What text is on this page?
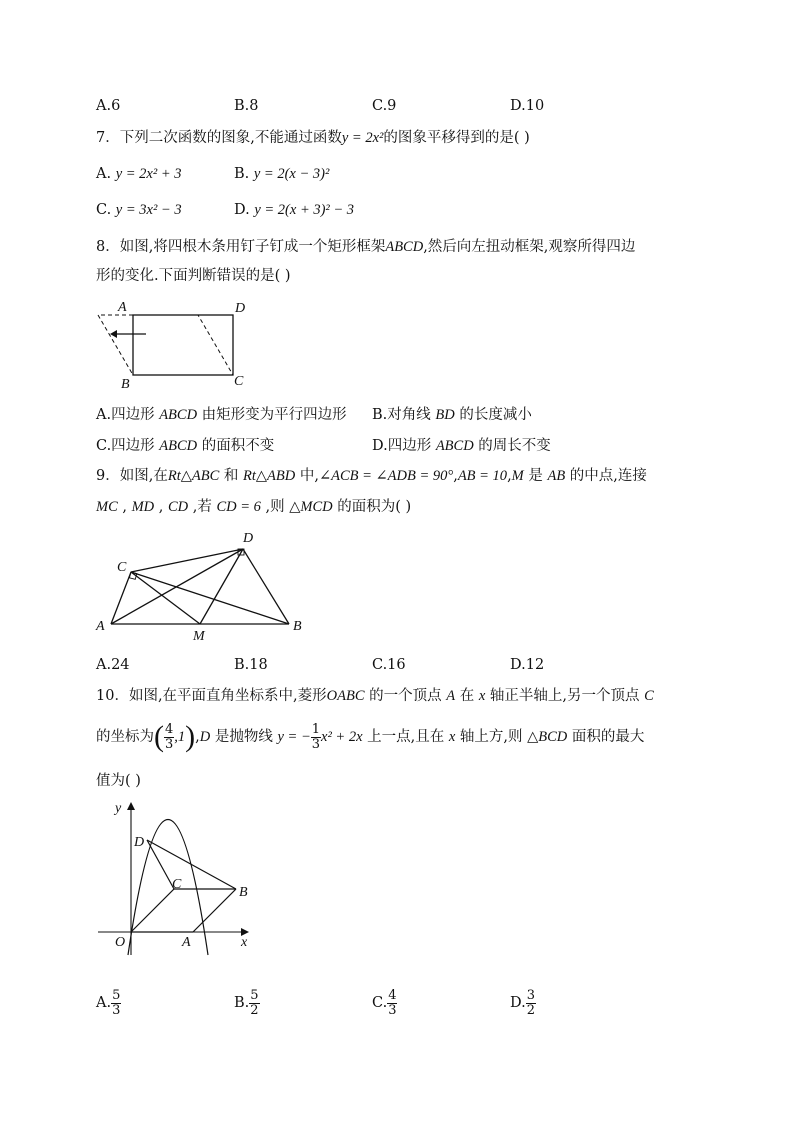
A.6	B.8	C.9	D.10
7．下列二次函数的图象,不能通过函数y = 2x²的图象平移得到的是( )
A. y = 2x² + 3	B. y = 2(x − 3)²
C. y = 3x² − 3	D. y = 2(x + 3)² − 3
8．如图,将四根木条用钉子钉成一个矩形框架ABCD,然后向左扭动框架,观察所得四边
形的变化.下面判断错误的是( )
A	D
B	C
A.四边形 ABCD 由矩形变为平行四边形 B.对角线 BD 的长度减小
C.四边形 ABCD 的面积不变	D.四边形 ABCD 的周长不变
9．如图,在Rt△ABC 和 Rt△ABD 中,∠ACB = ∠ADB = 90°,AB = 10,M 是 AB 的中点,连接
MC , MD , CD ,若 CD = 6 ,则 △MCD 的面积为( )
C
D
A
M
B
A.24	B.18	C.16	D.12
10．如图,在平面直角坐标系中,菱形OABC 的一个顶点 A 在 x 轴正半轴上,另一个顶点 C
的坐标为( $\frac{4}{3} ,1),D$ 是抛物线 y = − $\frac{1}{3} x^2 + 2x$ 上一点,且在 x 轴上方,则 △BCD 面积的最大
值为( )
y
x
O	A
B
C
D
A. $\frac{5}{3}$	B. $\frac{5}{2}$	C. $\frac{4}{3}$	D. $\frac{3}{2}$
